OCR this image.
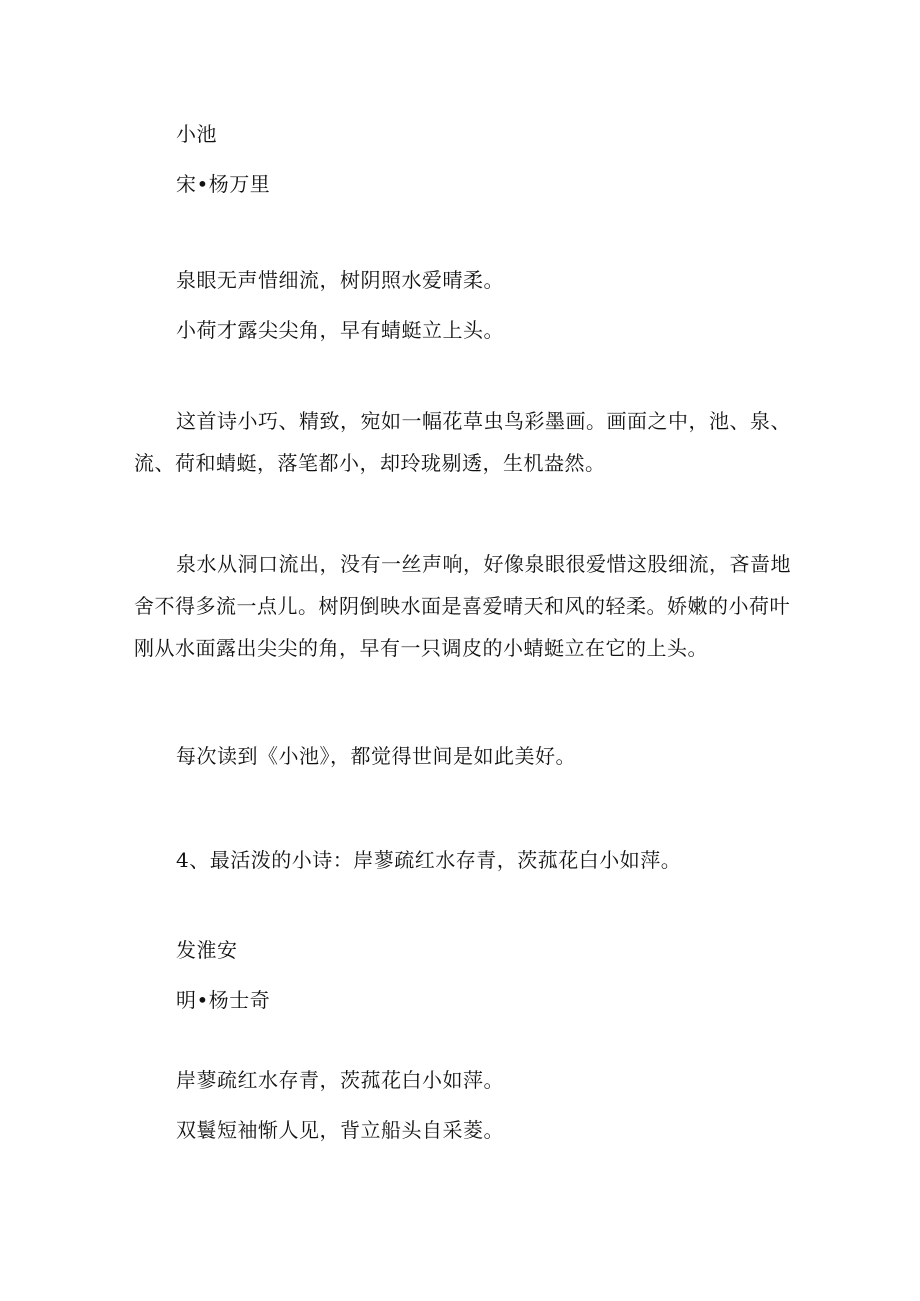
小池
宋•杨万里
泉眼无声惜细流，树阴照水爱晴柔。
小荷才露尖尖角，早有蜻蜓立上头。
这首诗小巧、精致，宛如一幅花草虫鸟彩墨画。画面之中，池、泉、流、荷和蜻蜓，落笔都小，却玲珑剔透，生机盎然。
泉水从洞口流出，没有一丝声响，好像泉眼很爱惜这股细流，吝啬地舍不得多流一点儿。树阴倒映水面是喜爱晴天和风的轻柔。娇嫩的小荷叶刚从水面露出尖尖的角，早有一只调皮的小蜻蜓立在它的上头。
每次读到《小池》，都觉得世间是如此美好。
4、最活泼的小诗：岸蓼疏红水存青，茨菰花白小如萍。
发淮安
明•杨士奇
岸蓼疏红水存青，茨菰花白小如萍。
双鬟短袖惭人见，背立船头自采菱。
